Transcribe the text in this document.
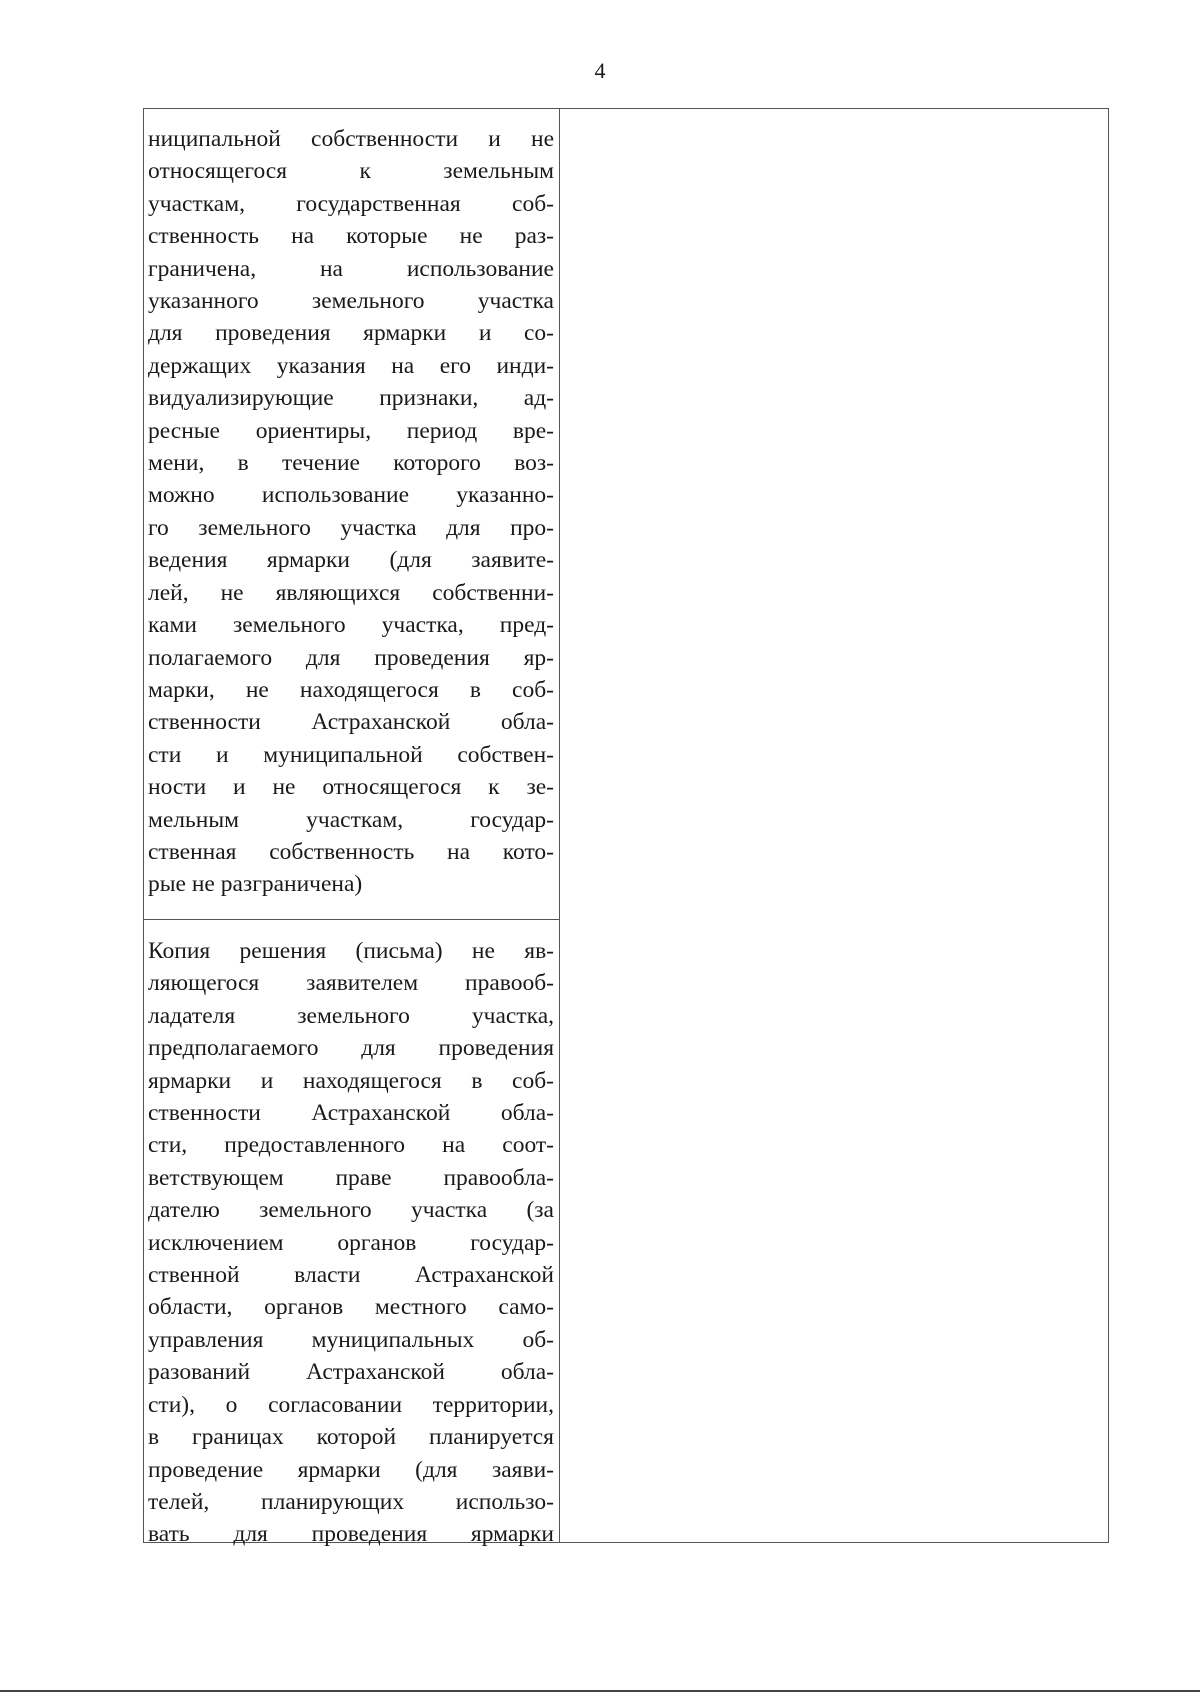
4
ниципальной собственности и не
относящегося к земельным
участкам, государственная соб-
ственность на которые не раз-
граничена, на использование
указанного земельного участка
для проведения ярмарки и со-
держащих указания на его инди-
видуализирующие признаки, ад-
ресные ориентиры, период вре-
мени, в течение которого воз-
можно использование указанно-
го земельного участка для про-
ведения ярмарки (для заявите-
лей, не являющихся собственни-
ками земельного участка, пред-
полагаемого для проведения яр-
марки, не находящегося в соб-
ственности Астраханской обла-
сти и муниципальной собствен-
ности и не относящегося к зе-
мельным участкам, государ-
ственная собственность на кото-
рые не разграничена)
Копия решения (письма) не яв-
ляющегося заявителем правооб-
ладателя земельного участка,
предполагаемого для проведения
ярмарки и находящегося в соб-
ственности Астраханской обла-
сти, предоставленного на соот-
ветствующем праве правообла-
дателю земельного участка (за
исключением органов государ-
ственной власти Астраханской
области, органов местного само-
управления муниципальных об-
разований Астраханской обла-
сти), о согласовании территории,
в границах которой планируется
проведение ярмарки (для заяви-
телей, планирующих использо-
вать для проведения ярмарки
